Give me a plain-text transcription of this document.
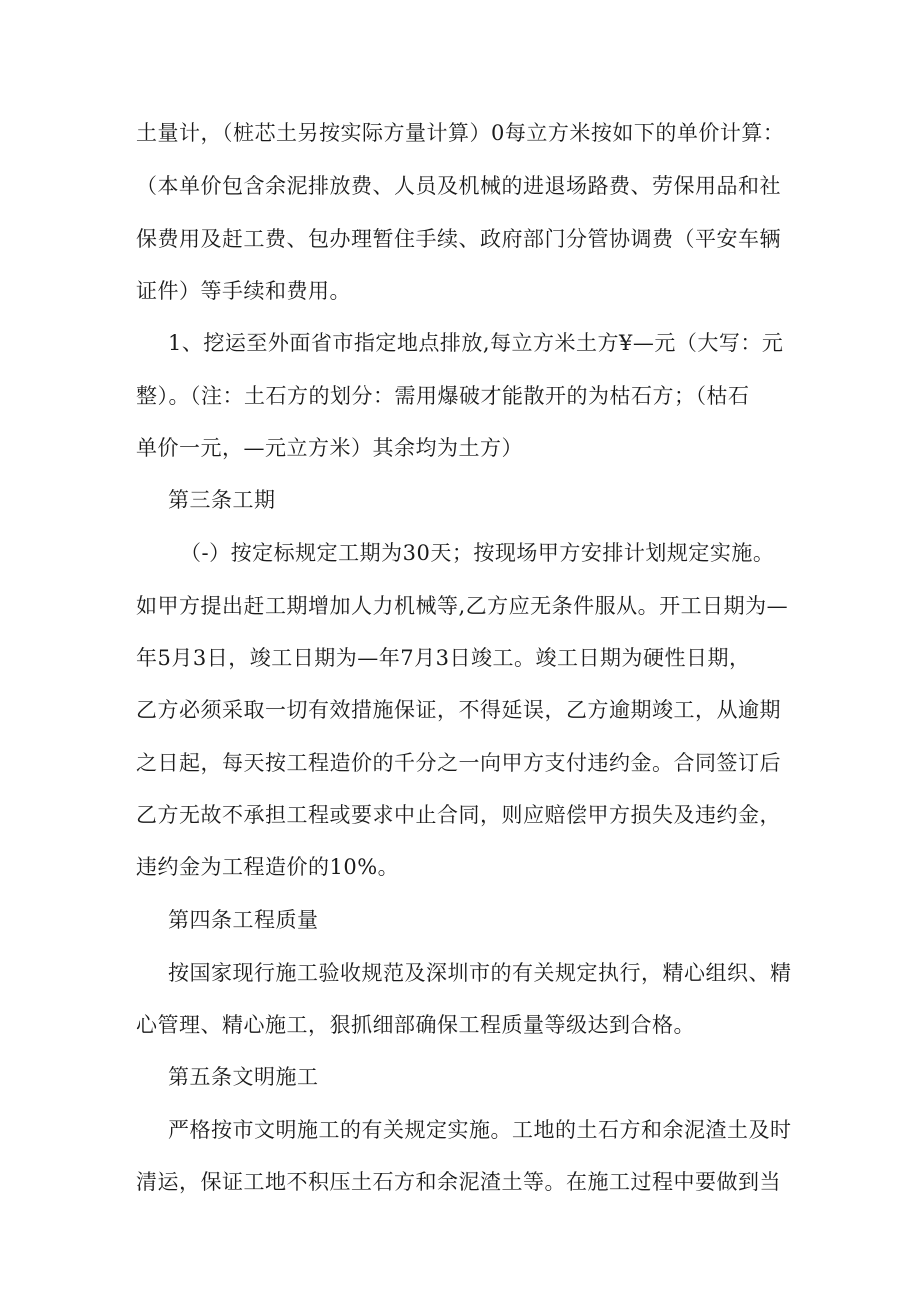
土量计，（桩芯土另按实际方量计算）0每立方米按如下的单价计算：
（本单价包含余泥排放费、人员及机械的进退场路费、劳保用品和社
保费用及赶工费、包办理暂住手续、政府部门分管协调费（平安车辆
证件）等手续和费用。
1、挖运至外面省市指定地点排放,每立方米土方¥—元（大写：元
整）。（注：土石方的划分：需用爆破才能散开的为枯石方；（枯石
单价一元，—元立方米）其余均为土方）
第三条工期
（-）按定标规定工期为30天；按现场甲方安排计划规定实施。
如甲方提出赶工期增加人力机械等,乙方应无条件服从。开工日期为—
年5月3日，竣工日期为—年7月3日竣工。竣工日期为硬性日期，
乙方必须采取一切有效措施保证，不得延误，乙方逾期竣工，从逾期
之日起，每天按工程造价的千分之一向甲方支付违约金。合同签订后
乙方无故不承担工程或要求中止合同，则应赔偿甲方损失及违约金，
违约金为工程造价的10%。
第四条工程质量
按国家现行施工验收规范及深圳市的有关规定执行，精心组织、精
心管理、精心施工，狠抓细部确保工程质量等级达到合格。
第五条文明施工
严格按市文明施工的有关规定实施。工地的土石方和余泥渣土及时
清运，保证工地不积压土石方和余泥渣土等。在施工过程中要做到当
